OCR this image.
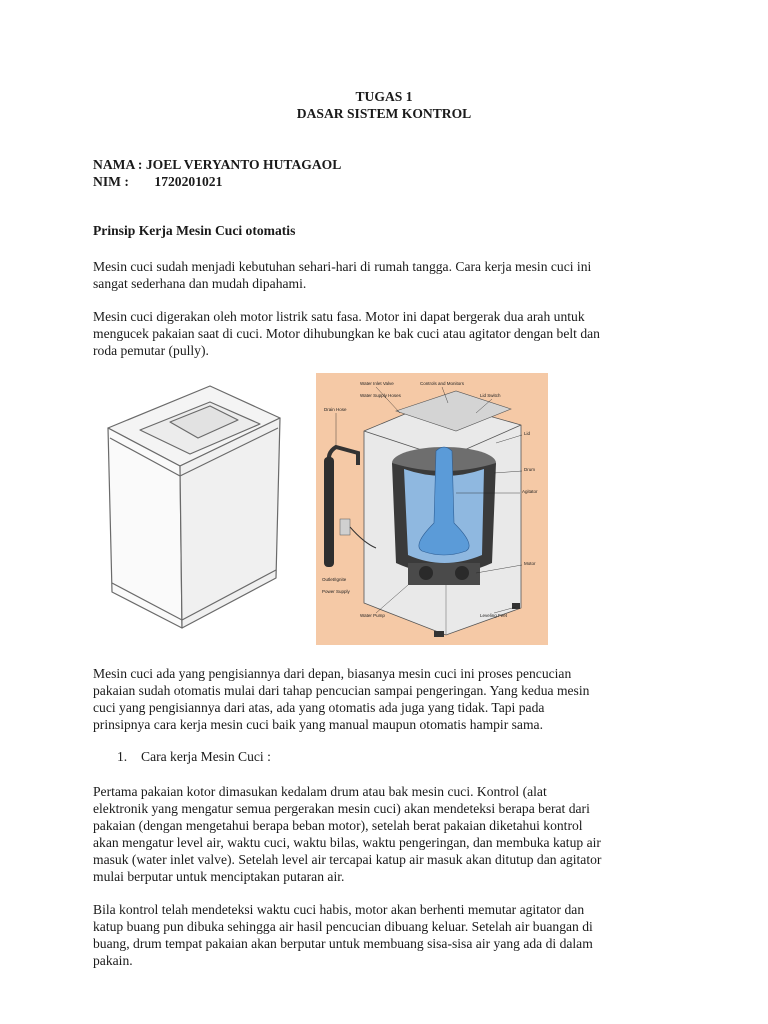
TUGAS 1
DASAR SISTEM KONTROL
NAMA : JOEL VERYANTO HUTAGAOL
NIM : 1720201021
Prinsip Kerja Mesin Cuci otomatis
Mesin cuci sudah menjadi kebutuhan sehari-hari di rumah tangga. Cara kerja mesin cuci ini
sangat sederhana dan mudah dipahami.
Mesin cuci digerakan oleh motor listrik satu fasa. Motor ini dapat bergerak dua arah untuk
mengucek pakaian saat di cuci. Motor dihubungkan ke bak cuci atau agitator dengan belt dan
roda pemutar (pully).
Water Inlet Valve	Controls and Monitors
Water Supply Hoses	Lid Switch
Drain Hose
Lid
Drum
Agitator
Motor
Outlet/Ignite
Power Supply
Water Pump	Leveling Feet
Mesin cuci ada yang pengisiannya dari depan, biasanya mesin cuci ini proses pencucian
pakaian sudah otomatis mulai dari tahap pencucian sampai pengeringan. Yang kedua mesin
cuci yang pengisiannya dari atas, ada yang otomatis ada juga yang tidak. Tapi pada
prinsipnya cara kerja mesin cuci baik yang manual maupun otomatis hampir sama.
1. Cara kerja Mesin Cuci :
Pertama pakaian kotor dimasukan kedalam drum atau bak mesin cuci. Kontrol (alat
elektronik yang mengatur semua pergerakan mesin cuci) akan mendeteksi berapa berat dari
pakaian (dengan mengetahui berapa beban motor), setelah berat pakaian diketahui kontrol
akan mengatur level air, waktu cuci, waktu bilas, waktu pengeringan, dan membuka katup air
masuk (water inlet valve). Setelah level air tercapai katup air masuk akan ditutup dan agitator
mulai berputar untuk menciptakan putaran air.
Bila kontrol telah mendeteksi waktu cuci habis, motor akan berhenti memutar agitator dan
katup buang pun dibuka sehingga air hasil pencucian dibuang keluar. Setelah air buangan di
buang, drum tempat pakaian akan berputar untuk membuang sisa-sisa air yang ada di dalam
pakain.
